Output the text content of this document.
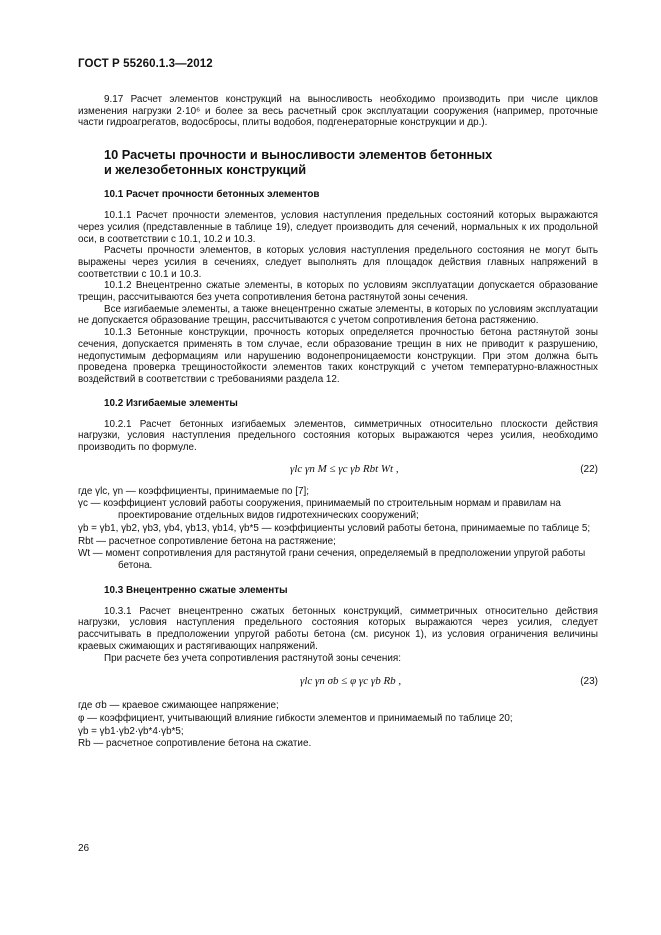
ГОСТ Р 55260.1.3—2012

9.17 Расчет элементов конструкций на выносливость необходимо производить при числе циклов изменения нагрузки 2·10⁶ и более за весь расчетный срок эксплуатации сооружения (например, проточные части гидроагрегатов, водосбросы, плиты водобоя, подгенераторные конструкции и др.).

10 Расчеты прочности и выносливости элементов бетонных
и железобетонных конструкций
10.1 Расчет прочности бетонных элементов

10.1.1 Расчет прочности элементов, условия наступления предельных состояний которых выражаются через усилия (представленные в таблице 19), следует производить для сечений, нормальных к их продольной оси, в соответствии с 10.1, 10.2 и 10.3.

Расчеты прочности элементов, в которых условия наступления предельного состояния не могут быть выражены через усилия в сечениях, следует выполнять для площадок действия главных напряжений в соответствии с 10.1 и 10.3.

10.1.2 Внецентренно сжатые элементы, в которых по условиям эксплуатации допускается образование трещин, рассчитываются без учета сопротивления бетона растянутой зоны сечения.

Все изгибаемые элементы, а также внецентренно сжатые элементы, в которых по условиям эксплуатации не допускается образование трещин, рассчитываются с учетом сопротивления бетона растяжению.

10.1.3 Бетонные конструкции, прочность которых определяется прочностью бетона растянутой зоны сечения, допускается применять в том случае, если образование трещин в них не приводит к разрушению, недопустимым деформациям или нарушению водонепроницаемости конструкции. При этом должна быть проведена проверка трещиностойкости элементов таких конструкций с учетом температурно-влажностных воздействий в соответствии с требованиями раздела 12.

10.2 Изгибаемые элементы

10.2.1 Расчет бетонных изгибаемых элементов, симметричных относительно плоскости действия нагрузки, условия наступления предельного состояния которых выражаются через усилия, необходимо производить по формуле.

γlc γn M ≤ γc γb Rbt Wt ,	(22)
где γlc, γn — коэффициенты, принимаемые по [7];
γc — коэффициент условий работы сооружения, принимаемый по строительным нормам и правилам на проектирование отдельных видов гидротехнических сооружений;
γb = γb1, γb2, γb3, γb4, γb13, γb14, γb*5 — коэффициенты условий работы бетона, принимаемые по таблице 5;
Rbt — расчетное сопротивление бетона на растяжение;
Wt — момент сопротивления для растянутой грани сечения, определяемый в предположении упругой работы бетона.
10.3 Внецентренно сжатые элементы

10.3.1 Расчет внецентренно сжатых бетонных конструкций, симметричных относительно действия нагрузки, условия наступления предельного состояния которых выражаются через усилия, следует рассчитывать в предположении упругой работы бетона (см. рисунок 1), из условия ограничения величины краевых сжимающих и растягивающих напряжений.

При расчете без учета сопротивления растянутой зоны сечения:

γlc γn σb ≤ φ γc γb Rb ,	(23)
где σb — краевое сжимающее напряжение;
φ — коэффициент, учитывающий влияние гибкости элементов и принимаемый по таблице 20;
γb = γb1·γb2·γb*4·γb*5;
Rb — расчетное сопротивление бетона на сжатие.
26
